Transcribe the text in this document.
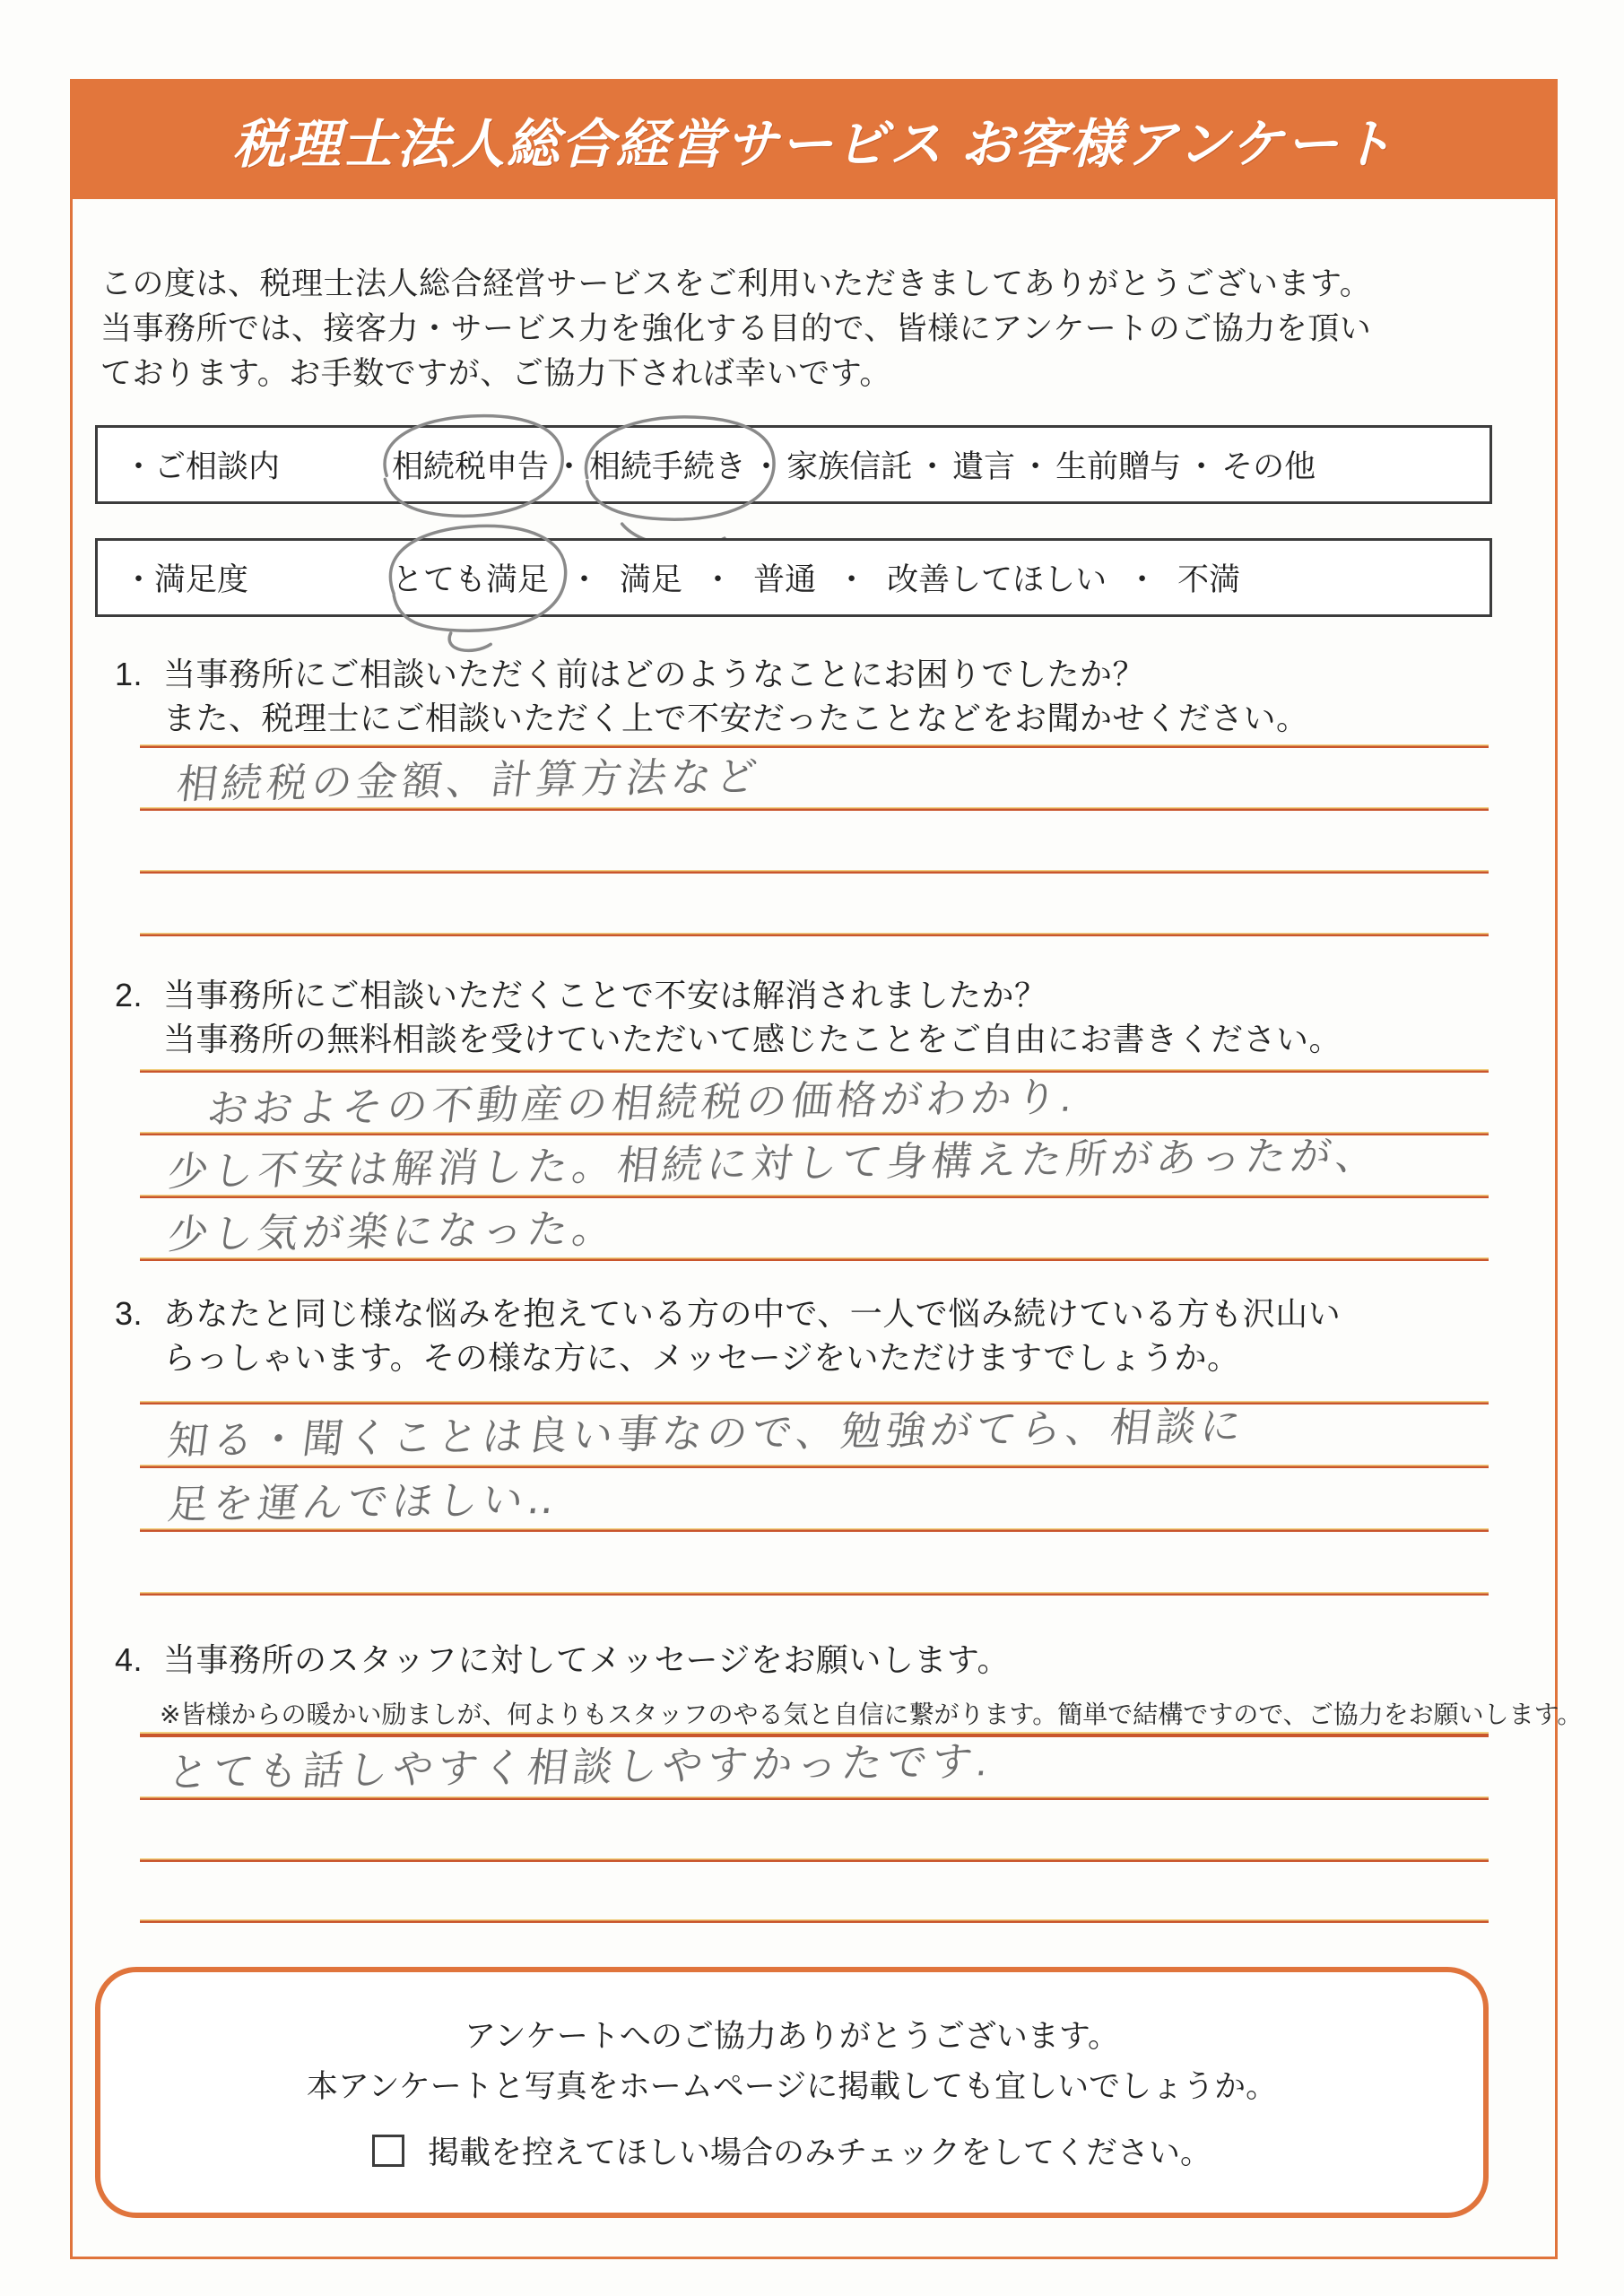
税理士法人総合経営サービス お客様アンケート
この度は、税理士法人総合経営サービスをご利用いただきましてありがとうございます。
当事務所では、接客力・サービス力を強化する目的で、皆様にアンケートのご協力を頂い
ております。お手数ですが、ご協力下されば幸いです。
・ご相談内	相続税申告 ・ 相続手続き ・ 家族信託 ・ 遺言 ・ 生前贈与 ・ その他
・満足度	とても満足 ・ 満足 ・ 普通 ・ 改善してほしい ・ 不満
1. 当事務所にご相談いただく前はどのようなことにお困りでしたか？
また、税理士にご相談いただく上で不安だったことなどをお聞かせください。
相続税の金額、計算方法など
2. 当事務所にご相談いただくことで不安は解消されましたか？
当事務所の無料相談を受けていただいて感じたことをご自由にお書きください。
おおよその不動産の相続税の価格がわかり.
少し不安は解消した。相続に対して身構えた所があったが、
少し気が楽になった。
3. あなたと同じ様な悩みを抱えている方の中で、一人で悩み続けている方も沢山い
らっしゃいます。その様な方に、メッセージをいただけますでしょうか。
知る・聞くことは良い事なので、勉強がてら、相談に
足を運んでほしい‥
4. 当事務所のスタッフに対してメッセージをお願いします。
※皆様からの暖かい励ましが、何よりもスタッフのやる気と自信に繋がります。簡単で結構ですので、ご協力をお願いします。
とても話しやすく相談しやすかったです.
アンケートへのご協力ありがとうございます。
本アンケートと写真をホームページに掲載しても宜しいでしょうか。
掲載を控えてほしい場合のみチェックをしてください。
